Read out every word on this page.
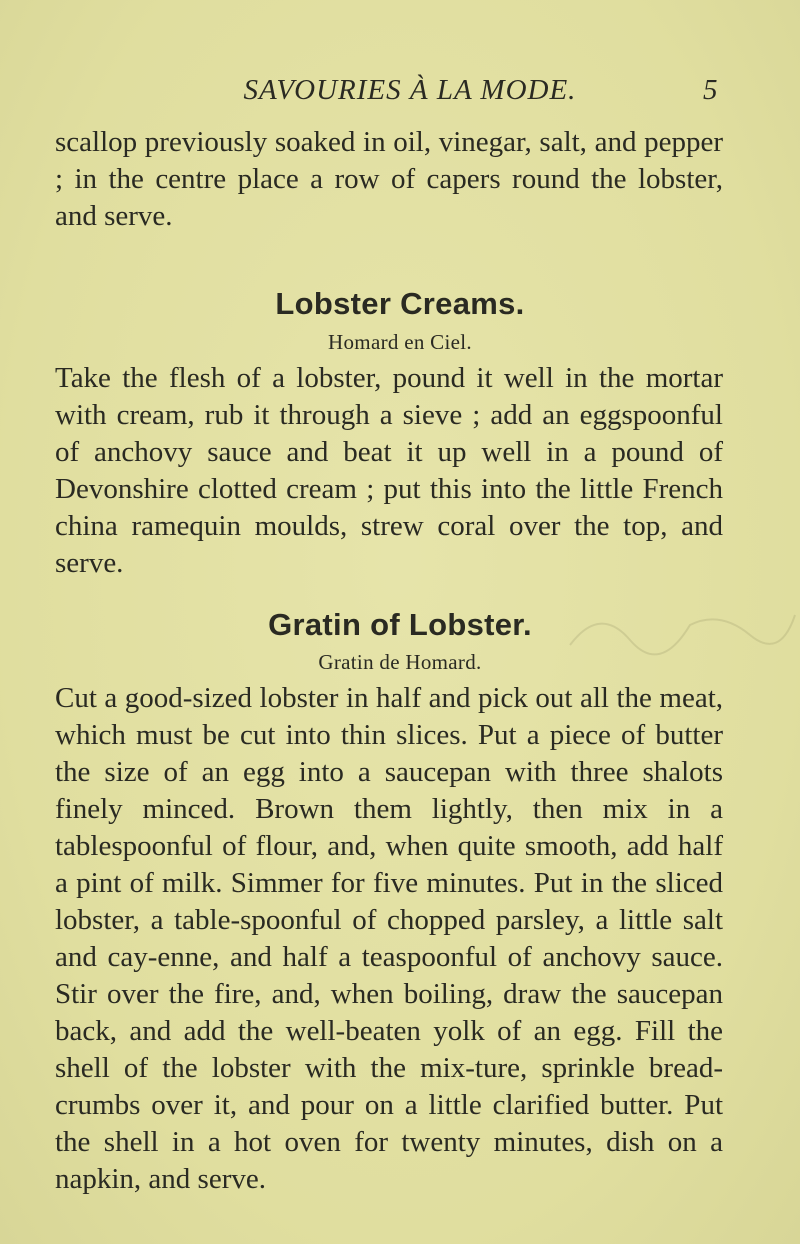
SAVOURIES À LA MODE.	5

scallop previously soaked in oil, vinegar, salt, and pepper ; in the centre place a row of capers round the lobster, and serve.

Lobster Creams.
Homard en Ciel.

Take the flesh of a lobster, pound it well in the mortar with cream, rub it through a sieve ; add an eggspoonful of anchovy sauce and beat it up well in a pound of Devonshire clotted cream ; put this into the little French china ramequin moulds, strew coral over the top, and serve.

Gratin of Lobster.
Gratin de Homard.

Cut a good-sized lobster in half and pick out all the meat, which must be cut into thin slices. Put a piece of butter the size of an egg into a saucepan with three shalots finely minced. Brown them lightly, then mix in a tablespoonful of flour, and, when quite smooth, add half a pint of milk. Simmer for five minutes. Put in the sliced lobster, a table-spoonful of chopped parsley, a little salt and cay-enne, and half a teaspoonful of anchovy sauce. Stir over the fire, and, when boiling, draw the saucepan back, and add the well-beaten yolk of an egg. Fill the shell of the lobster with the mix-ture, sprinkle bread-crumbs over it, and pour on a little clarified butter. Put the shell in a hot oven for twenty minutes, dish on a napkin, and serve.
